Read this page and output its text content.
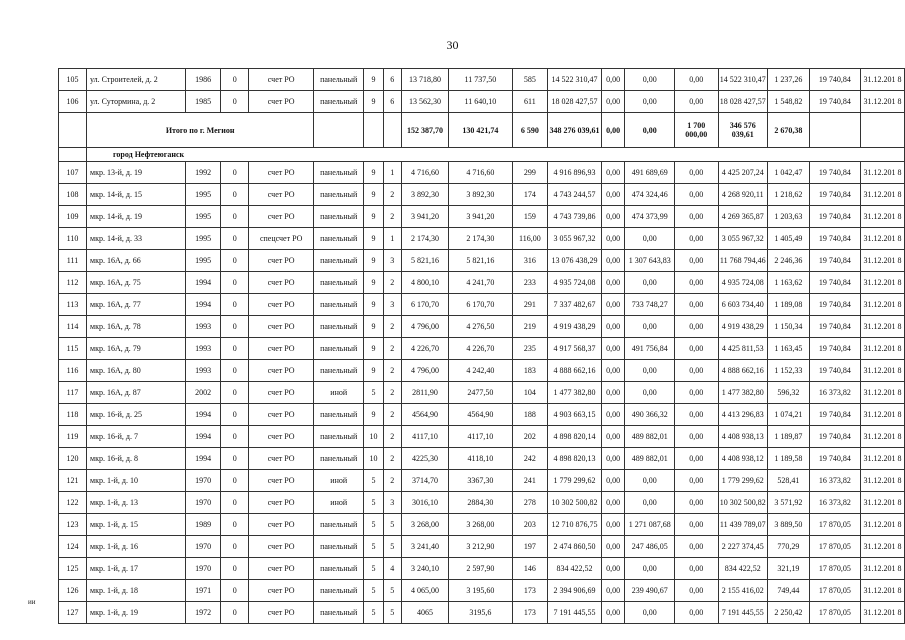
30
105	ул. Строителей, д. 2	1986	0	счет РО	панельный	9	6	13 718,80	11 737,50	585	14 522 310,47	0,00	0,00	0,00	14 522 310,47	1 237,26	19 740,84	31.12.201 8
106	ул. Сутормина, д. 2	1985	0	счет РО	панельный	9	6	13 562,30	11 640,10	611	18 028 427,57	0,00	0,00	0,00	18 028 427,57	1 548,82	19 740,84	31.12.201 8
	Итого по г. Мегион							152 387,70	130 421,74	6 590	348 276 039,61	0,00	0,00	1 700 000,00	346 576 039,61	2 670,38		
	город Нефтеюганск																	
107	мкр. 13-й, д. 19	1992	0	счет РО	панельный	9	1	4 716,60	4 716,60	299	4 916 896,93	0,00	491 689,69	0,00	4 425 207,24	1 042,47	19 740,84	31.12.201 8
108	мкр. 14-й, д. 15	1995	0	счет РО	панельный	9	2	3 892,30	3 892,30	174	4 743 244,57	0,00	474 324,46	0,00	4 268 920,11	1 218,62	19 740,84	31.12.201 8
109	мкр. 14-й, д. 19	1995	0	счет РО	панельный	9	2	3 941,20	3 941,20	159	4 743 739,86	0,00	474 373,99	0,00	4 269 365,87	1 203,63	19 740,84	31.12.201 8
110	мкр. 14-й, д. 33	1995	0	спецсчет РО	панельный	9	1	2 174,30	2 174,30	116,00	3 055 967,32	0,00	0,00	0,00	3 055 967,32	1 405,49	19 740,84	31.12.201 8
111	мкр. 16А, д. 66	1995	0	счет РО	панельный	9	3	5 821,16	5 821,16	316	13 076 438,29	0,00	1 307 643,83	0,00	11 768 794,46	2 246,36	19 740,84	31.12.201 8
112	мкр. 16А, д. 75	1994	0	счет РО	панельный	9	2	4 800,10	4 241,70	233	4 935 724,08	0,00	0,00	0,00	4 935 724,08	1 163,62	19 740,84	31.12.201 8
113	мкр. 16А, д. 77	1994	0	счет РО	панельный	9	3	6 170,70	6 170,70	291	7 337 482,67	0,00	733 748,27	0,00	6 603 734,40	1 189,08	19 740,84	31.12.201 8
114	мкр. 16А, д. 78	1993	0	счет РО	панельный	9	2	4 796,00	4 276,50	219	4 919 438,29	0,00	0,00	0,00	4 919 438,29	1 150,34	19 740,84	31.12.201 8
115	мкр. 16А, д. 79	1993	0	счет РО	панельный	9	2	4 226,70	4 226,70	235	4 917 568,37	0,00	491 756,84	0,00	4 425 811,53	1 163,45	19 740,84	31.12.201 8
116	мкр. 16А, д. 80	1993	0	счет РО	панельный	9	2	4 796,00	4 242,40	183	4 888 662,16	0,00	0,00	0,00	4 888 662,16	1 152,33	19 740,84	31.12.201 8
117	мкр. 16А, д. 87	2002	0	счет РО	иной	5	2	2811,90	2477,50	104	1 477 382,80	0,00	0,00	0,00	1 477 382,80	596,32	16 373,82	31.12.201 8
118	мкр. 16-й, д. 25	1994	0	счет РО	панельный	9	2	4564,90	4564,90	188	4 903 663,15	0,00	490 366,32	0,00	4 413 296,83	1 074,21	19 740,84	31.12.201 8
119	мкр. 16-й, д. 7	1994	0	счет РО	панельный	10	2	4117,10	4117,10	202	4 898 820,14	0,00	489 882,01	0,00	4 408 938,13	1 189,87	19 740,84	31.12.201 8
120	мкр. 16-й, д. 8	1994	0	счет РО	панельный	10	2	4225,30	4118,10	242	4 898 820,13	0,00	489 882,01	0,00	4 408 938,12	1 189,58	19 740,84	31.12.201 8
121	мкр. 1-й, д. 10	1970	0	счет РО	иной	5	2	3714,70	3367,30	241	1 779 299,62	0,00	0,00	0,00	1 779 299,62	528,41	16 373,82	31.12.201 8
122	мкр. 1-й, д. 13	1970	0	счет РО	иной	5	3	3016,10	2884,30	278	10 302 500,82	0,00	0,00	0,00	10 302 500,82	3 571,92	16 373,82	31.12.201 8
123	мкр. 1-й, д. 15	1989	0	счет РО	панельный	5	5	3 268,00	3 268,00	203	12 710 876,75	0,00	1 271 087,68	0,00	11 439 789,07	3 889,50	17 870,05	31.12.201 8
124	мкр. 1-й, д. 16	1970	0	счет РО	панельный	5	5	3 241,40	3 212,90	197	2 474 860,50	0,00	247 486,05	0,00	2 227 374,45	770,29	17 870,05	31.12.201 8
125	мкр. 1-й, д. 17	1970	0	счет РО	панельный	5	4	3 240,10	2 597,90	146	834 422,52	0,00	0,00	0,00	834 422,52	321,19	17 870,05	31.12.201 8
126	мкр. 1-й, д. 18	1971	0	счет РО	панельный	5	5	4 065,00	3 195,60	173	2 394 906,69	0,00	239 490,67	0,00	2 155 416,02	749,44	17 870,05	31.12.201 8
127	мкр. 1-й, д. 19	1972	0	счет РО	панельный	5	5	4065	3195,6	173	7 191 445,55	0,00	0,00	0,00	7 191 445,55	2 250,42	17 870,05	31.12.201 8
ии
